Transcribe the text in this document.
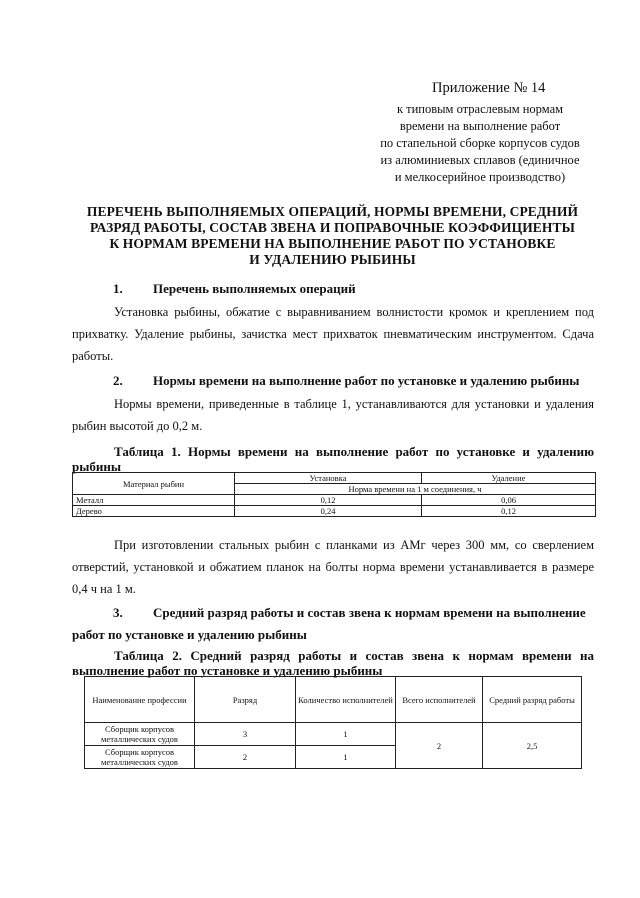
Приложение № 14
к типовым отраслевым нормам
времени на выполнение работ
по стапельной сборке корпусов судов
из алюминиевых сплавов (единичное
и мелкосерийное производство)
ПЕРЕЧЕНЬ ВЫПОЛНЯЕМЫХ ОПЕРАЦИЙ, НОРМЫ ВРЕМЕНИ, СРЕДНИЙ
РАЗРЯД РАБОТЫ, СОСТАВ ЗВЕНА И ПОПРАВОЧНЫЕ КОЭФФИЦИЕНТЫ
К НОРМАМ ВРЕМЕНИ НА ВЫПОЛНЕНИЕ РАБОТ ПО УСТАНОВКЕ
И УДАЛЕНИЮ РЫБИНЫ
1. Перечень выполняемых операций
Установка рыбины, обжатие с выравниванием волнистости кромок и креплением под прихватку. Удаление рыбины, зачистка мест прихваток пневматическим инструментом. Сдача работы.
2. Нормы времени на выполнение работ по установке и удалению рыбины
Нормы времени, приведенные в таблице 1, устанавливаются для установки и удаления рыбин высотой до 0,2 м.
Таблица 1. Нормы времени на выполнение работ по установке и удалению рыбины
Материал рыбин	Установка	Удаление
	Норма времени на 1 м соединения, ч	
Металл	0,12	0,06
Дерево	0,24	0,12
При изготовлении стальных рыбин с планками из АМг через 300 мм, со сверлением отверстий, установкой и обжатием планок на болты норма времени устанавливается в размере 0,4 ч на 1 м.
3. Средний разряд работы и состав звена к нормам времени на выполнение
работ по установке и удалению рыбины
Таблица 2. Средний разряд работы и состав звена к нормам времени на выполнение работ по установке и удалению рыбины
Наименование профессии	Разряд	Количество исполнителей	Всего исполнителей	Средний разряд работы
Сборщик корпусов металлических судов	3	1	2	2,5
Сборщик корпусов металлических судов	2	1		
